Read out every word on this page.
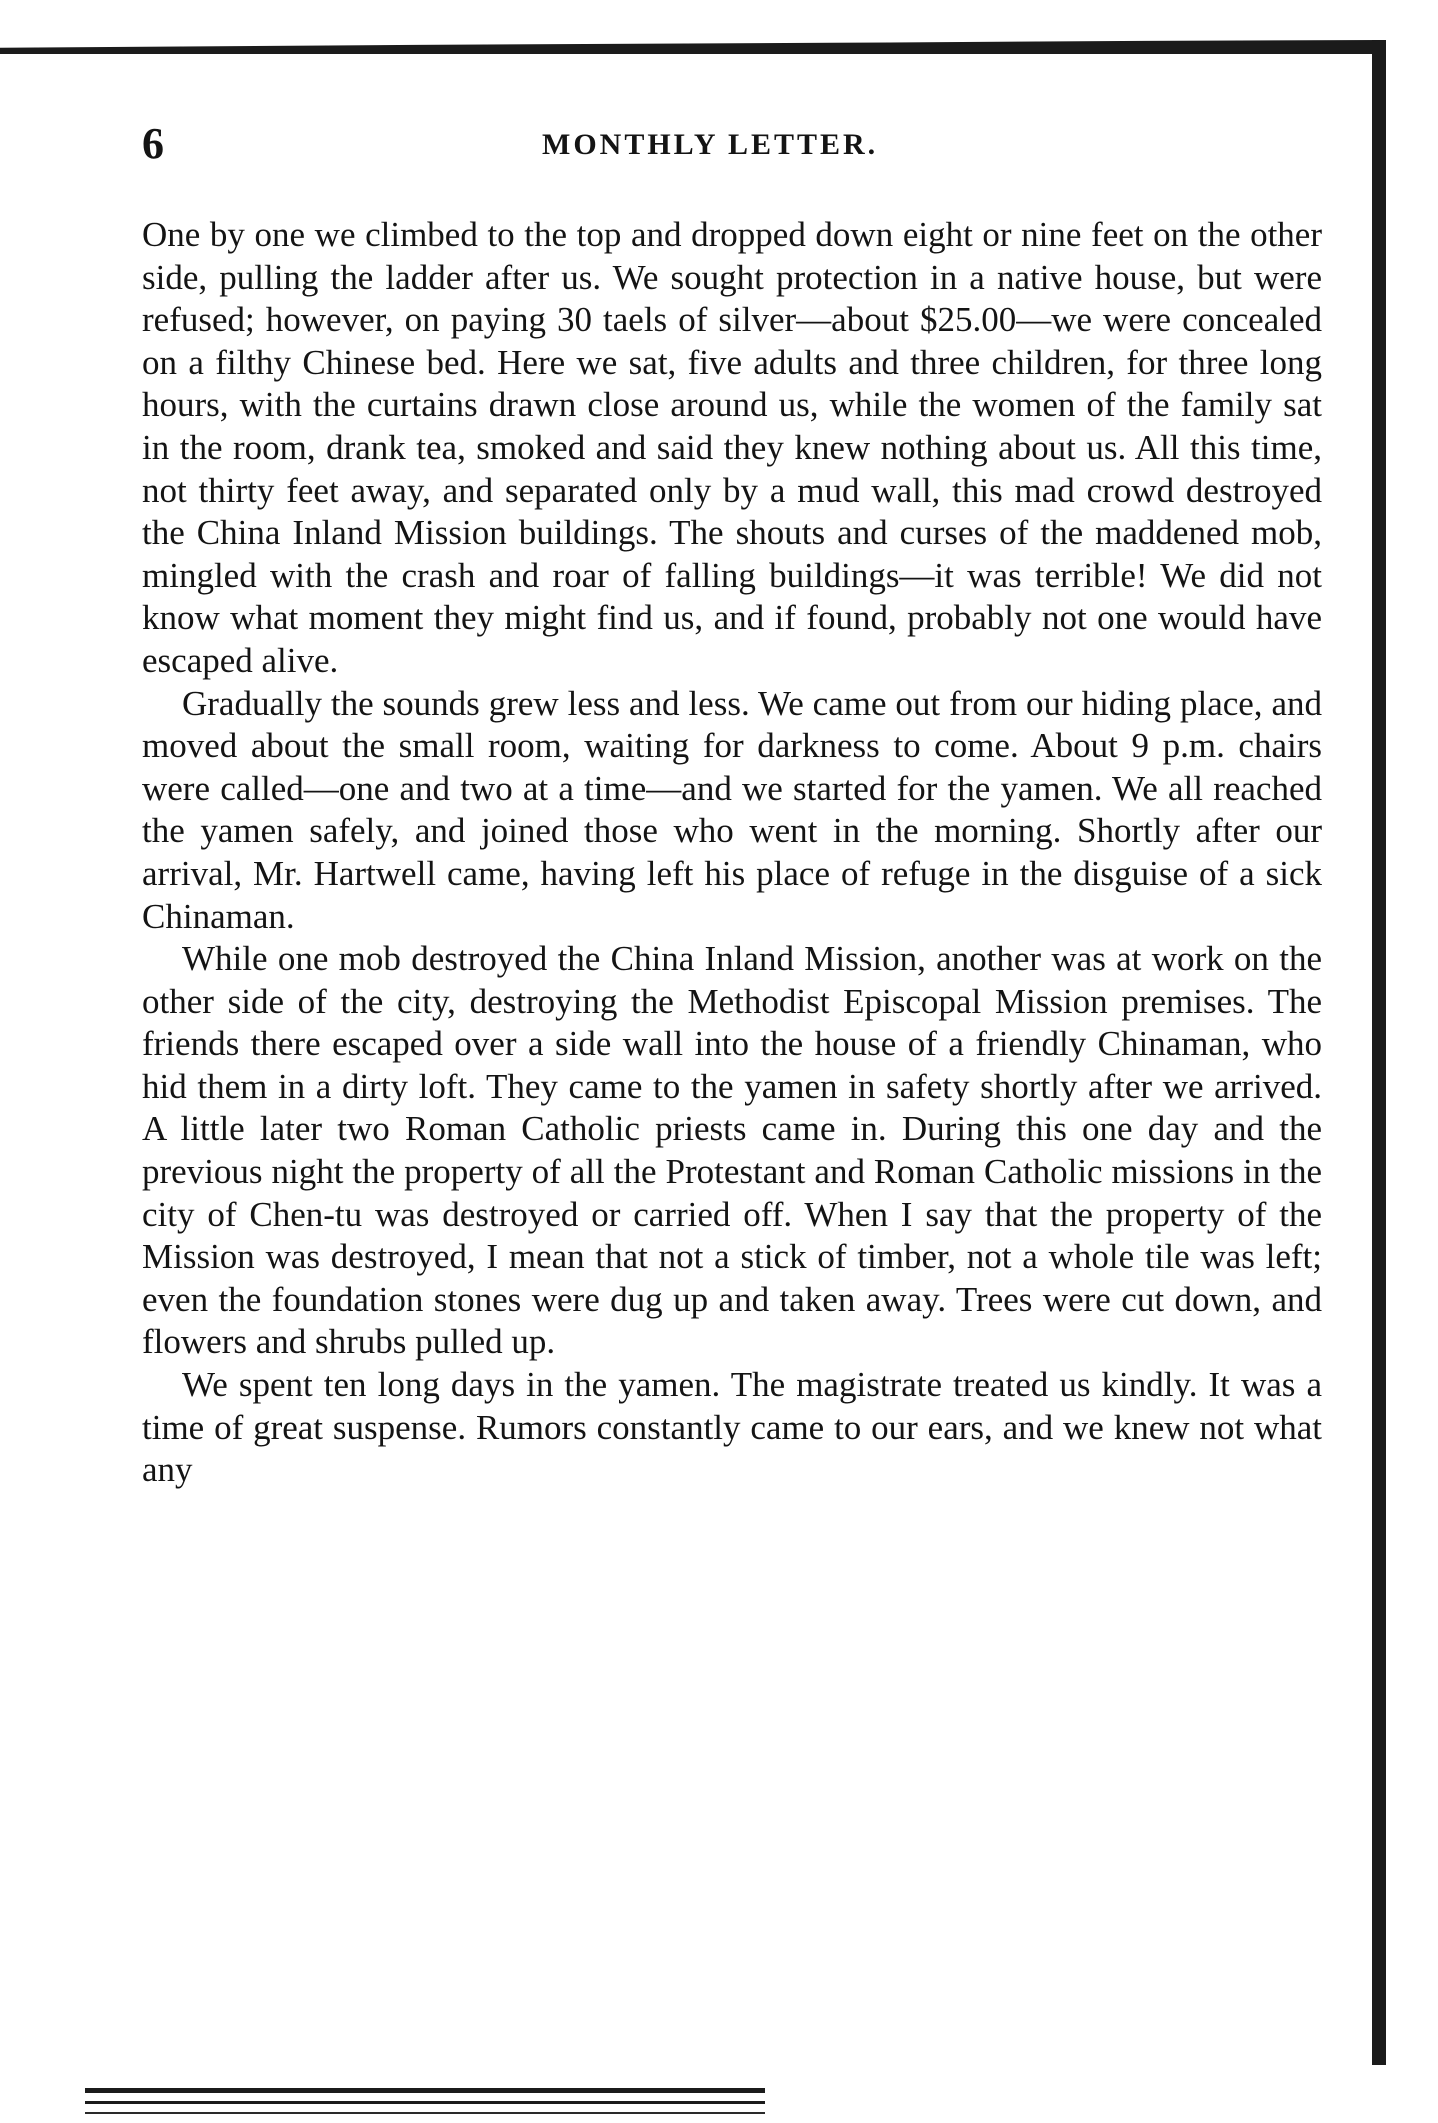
6	MONTHLY LETTER.

One by one we climbed to the top and dropped down eight or nine feet on the other side, pulling the ladder after us. We sought protection in a native house, but were refused; however, on paying 30 taels of silver—about $25.00—we were concealed on a filthy Chinese bed. Here we sat, five adults and three children, for three long hours, with the curtains drawn close around us, while the women of the family sat in the room, drank tea, smoked and said they knew nothing about us. All this time, not thirty feet away, and separated only by a mud wall, this mad crowd destroyed the China Inland Mission buildings. The shouts and curses of the maddened mob, mingled with the crash and roar of falling buildings—it was terrible! We did not know what moment they might find us, and if found, probably not one would have escaped alive.

Gradually the sounds grew less and less. We came out from our hiding place, and moved about the small room, waiting for darkness to come. About 9 p.m. chairs were called—one and two at a time—and we started for the yamen. We all reached the yamen safely, and joined those who went in the morning. Shortly after our arrival, Mr. Hartwell came, having left his place of refuge in the disguise of a sick Chinaman.

While one mob destroyed the China Inland Mission, another was at work on the other side of the city, destroying the Methodist Episcopal Mission premises. The friends there escaped over a side wall into the house of a friendly Chinaman, who hid them in a dirty loft. They came to the yamen in safety shortly after we arrived. A little later two Roman Catholic priests came in. During this one day and the previous night the property of all the Protestant and Roman Catholic missions in the city of Chen-tu was destroyed or carried off. When I say that the property of the Mission was destroyed, I mean that not a stick of timber, not a whole tile was left; even the foundation stones were dug up and taken away. Trees were cut down, and flowers and shrubs pulled up.

We spent ten long days in the yamen. The magistrate treated us kindly. It was a time of great suspense. Rumors constantly came to our ears, and we knew not what any
